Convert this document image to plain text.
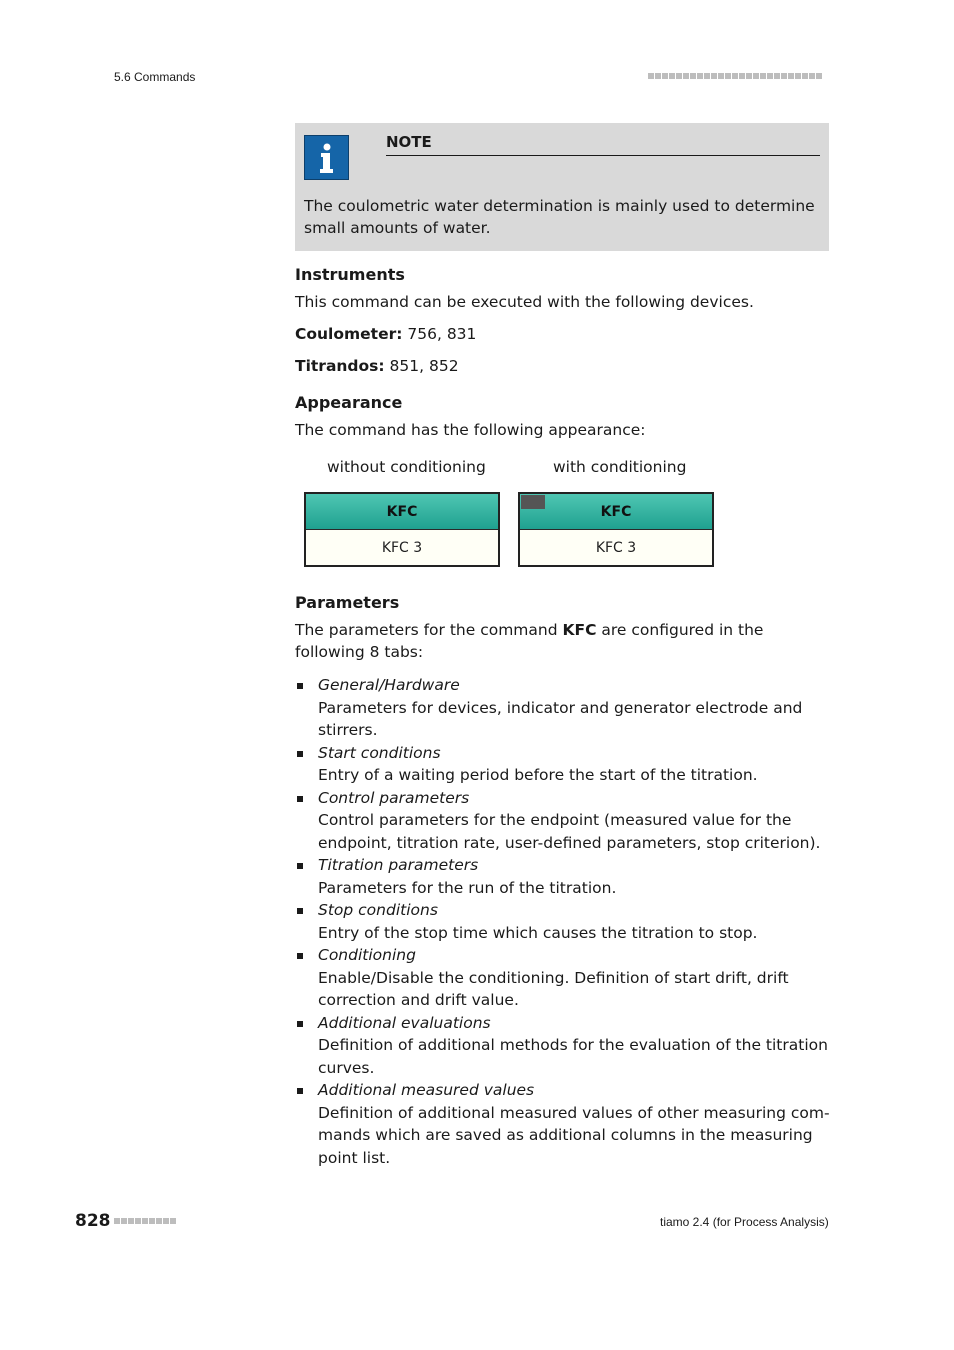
5.6 Commands
NOTE
The coulometric water determination is mainly used to determine small amounts of water.
Instruments
This command can be executed with the following devices.
Coulometer: 756, 831
Titrandos: 851, 852
Appearance
The command has the following appearance:
without conditioning	with conditioning
KFC
KFC 3
KFC
KFC 3
Parameters
The parameters for the command KFC are configured in the following 8 tabs:
General/Hardware
Parameters for devices, indicator and generator electrode and stirrers.
Start conditions
Entry of a waiting period before the start of the titration.
Control parameters
Control parameters for the endpoint (measured value for the endpoint, titration rate, user-defined parameters, stop criterion).
Titration parameters
Parameters for the run of the titration.
Stop conditions
Entry of the stop time which causes the titration to stop.
Conditioning
Enable/Disable the conditioning. Definition of start drift, drift correction and drift value.
Additional evaluations
Definition of additional methods for the evaluation of the titration curves.
Additional measured values
Definition of additional measured values of other measuring com-mands which are saved as additional columns in the measuring point list.
828	tiamo 2.4 (for Process Analysis)
